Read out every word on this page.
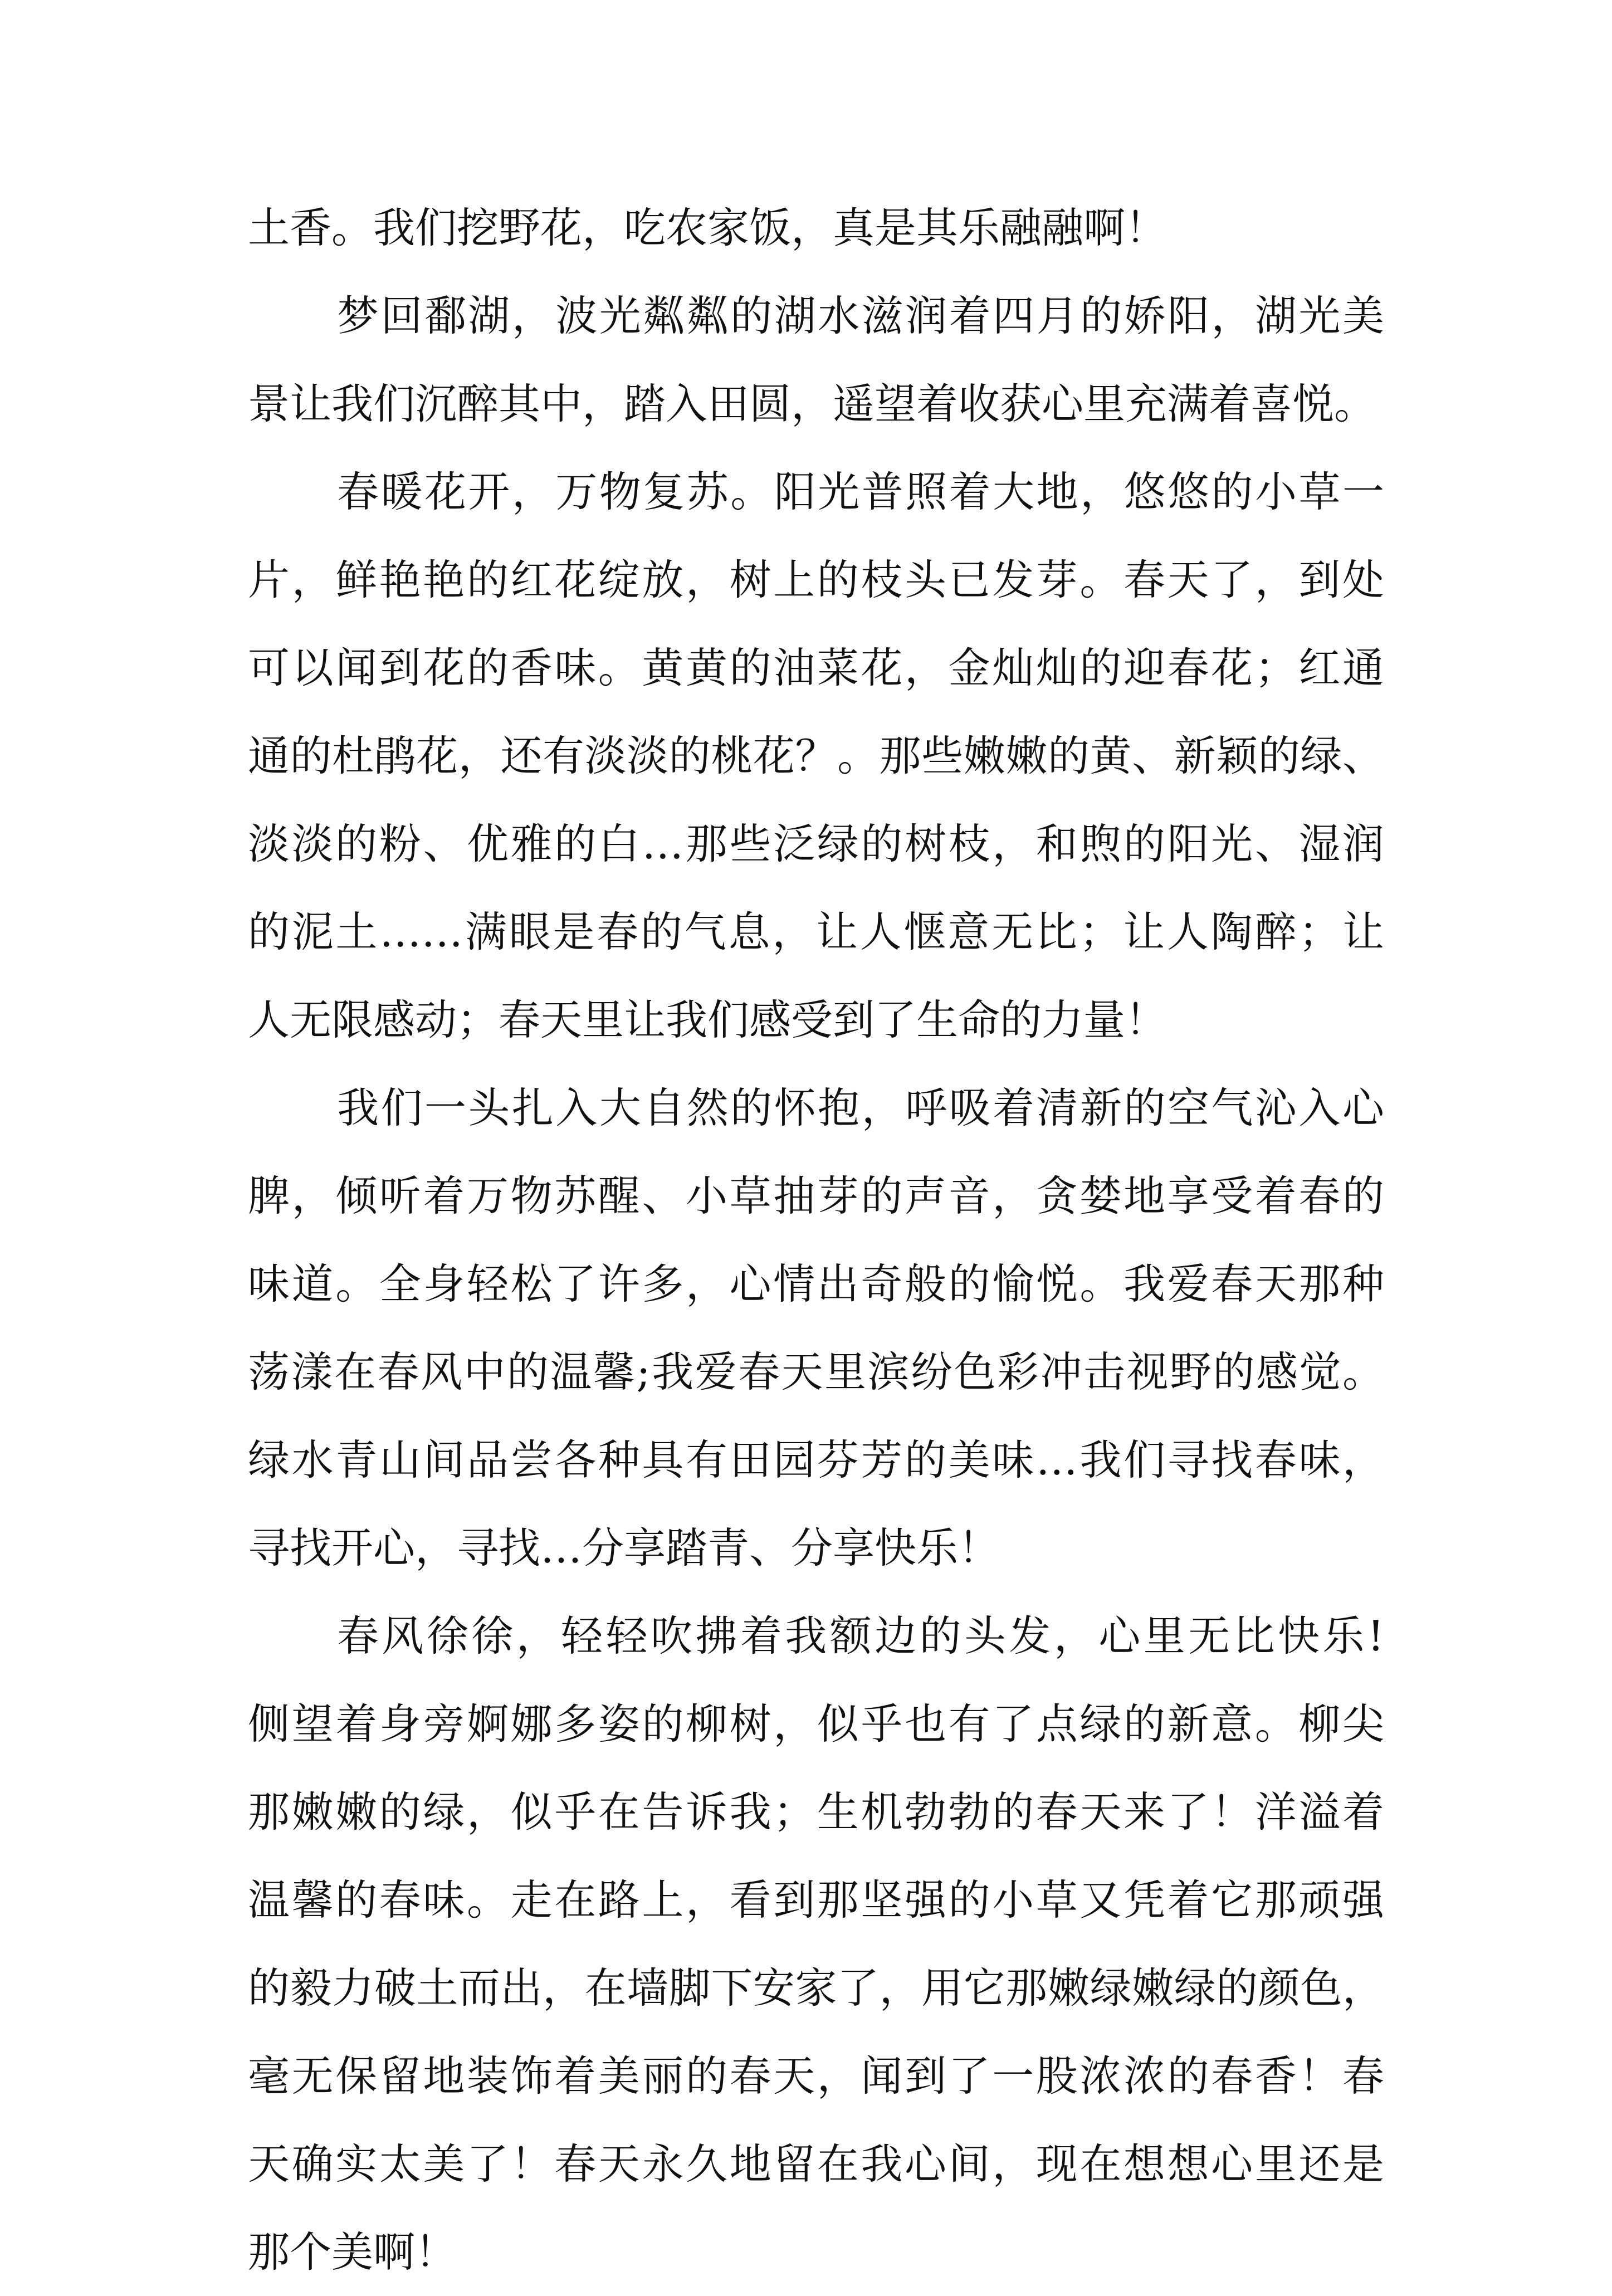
土香。我们挖野花，吃农家饭，真是其乐融融啊！
梦回鄱湖，波光粼粼的湖水滋润着四月的娇阳，湖光美
景让我们沉醉其中，踏入田圆，遥望着收获心里充满着喜悦。
春暖花开，万物复苏。阳光普照着大地，悠悠的小草一
片，鲜艳艳的红花绽放，树上的枝头已发芽。春天了，到处
可以闻到花的香味。黄黄的油菜花，金灿灿的迎春花；红通
通的杜鹃花，还有淡淡的桃花？。那些嫩嫩的黄、新颖的绿、
淡淡的粉、优雅的白…那些泛绿的树枝，和煦的阳光、湿润
的泥土……满眼是春的气息，让人惬意无比；让人陶醉；让
人无限感动；春天里让我们感受到了生命的力量！
我们一头扎入大自然的怀抱，呼吸着清新的空气沁入心
脾，倾听着万物苏醒、小草抽芽的声音，贪婪地享受着春的
味道。全身轻松了许多，心情出奇般的愉悦。我爱春天那种
荡漾在春风中的温馨;我爱春天里滨纷色彩冲击视野的感觉。
绿水青山间品尝各种具有田园芬芳的美味…我们寻找春味，
寻找开心，寻找…分享踏青、分享快乐！
春风徐徐，轻轻吹拂着我额边的头发，心里无比快乐!
侧望着身旁婀娜多姿的柳树，似乎也有了点绿的新意。柳尖
那嫩嫩的绿，似乎在告诉我；生机勃勃的春天来了！洋溢着
温馨的春味。走在路上，看到那坚强的小草又凭着它那顽强
的毅力破土而出，在墙脚下安家了，用它那嫩绿嫩绿的颜色，
毫无保留地装饰着美丽的春天，闻到了一股浓浓的春香！春
天确实太美了！春天永久地留在我心间，现在想想心里还是
那个美啊！
